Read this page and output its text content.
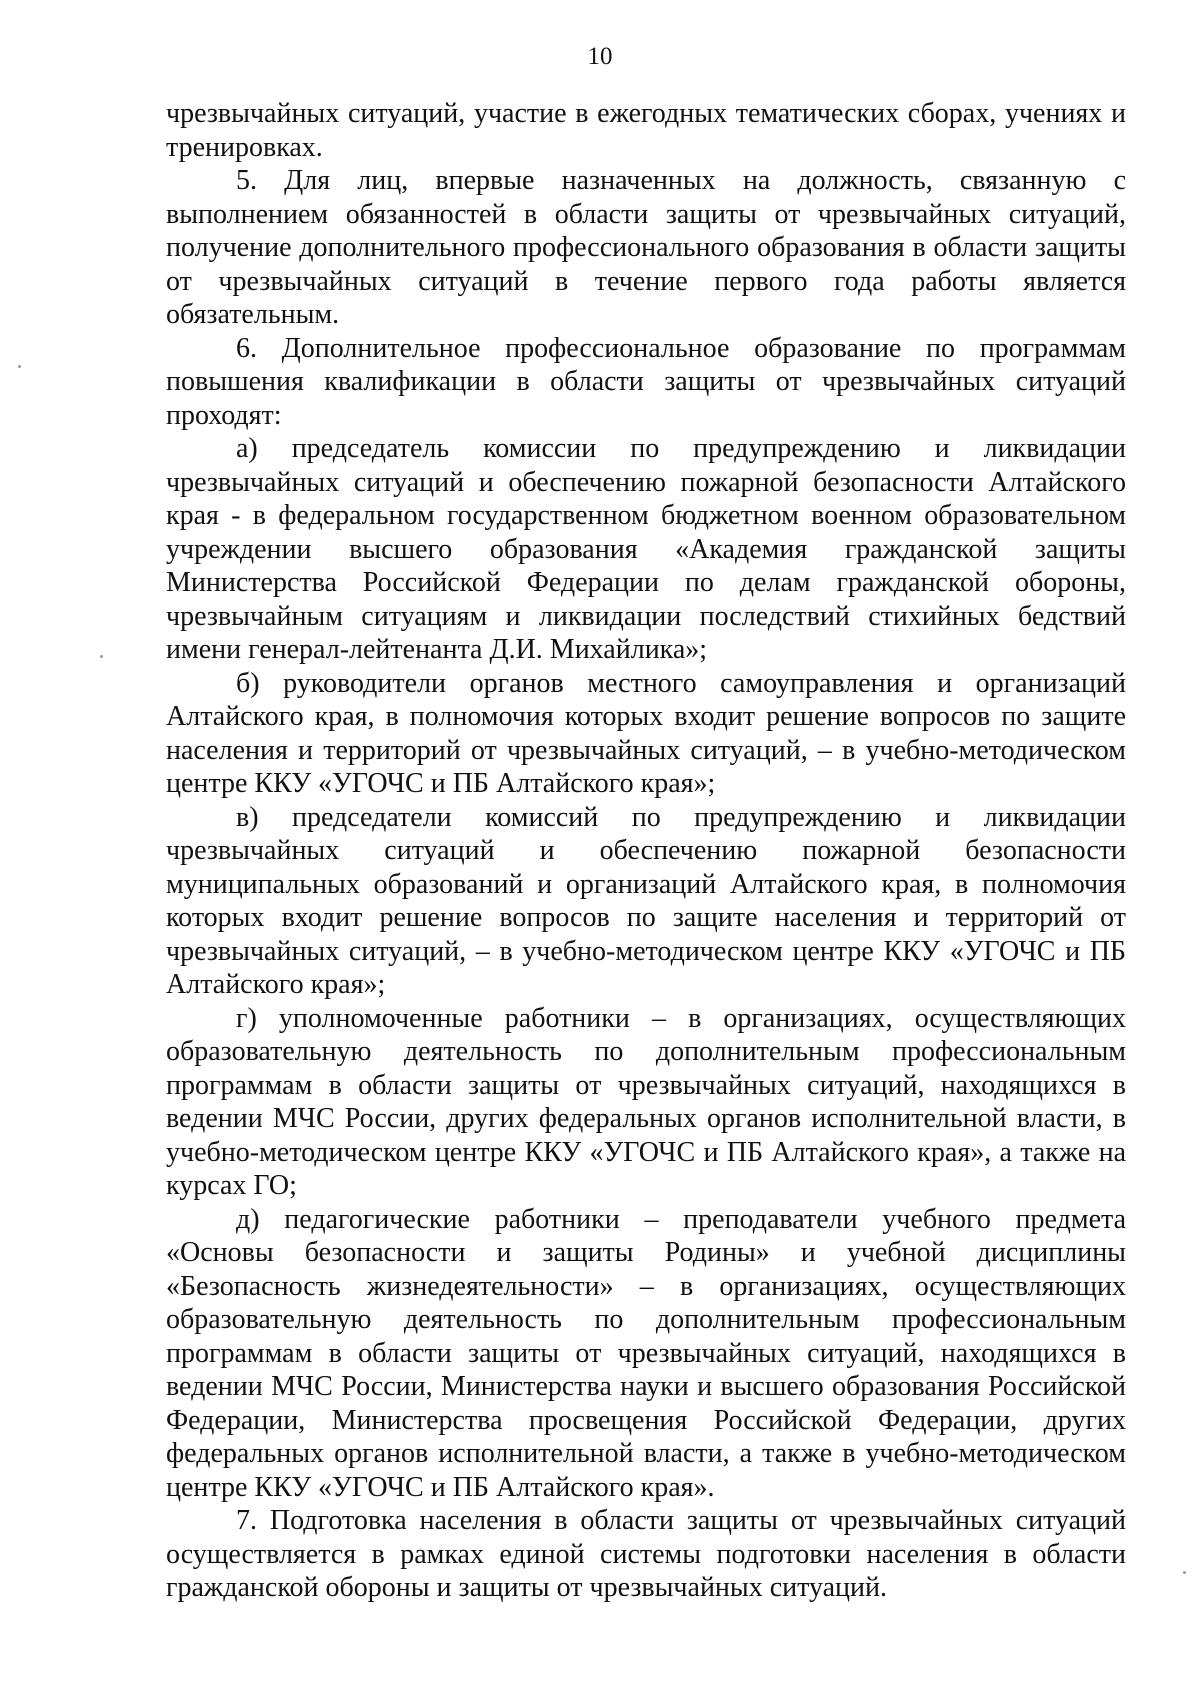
10

чрезвычайных ситуаций, участие в ежегодных тематических сборах, учениях и тренировках.

5. Для лиц, впервые назначенных на должность, связанную с выполнением обязанностей в области защиты от чрезвычайных ситуаций, получение дополнительного профессионального образования в области защиты от чрезвычайных ситуаций в течение первого года работы является обязательным.

6. Дополнительное профессиональное образование по программам повышения квалификации в области защиты от чрезвычайных ситуаций проходят:

а) председатель комиссии по предупреждению и ликвидации чрезвычайных ситуаций и обеспечению пожарной безопасности Алтайского края - в федеральном государственном бюджетном военном образовательном учреждении высшего образования «Академия гражданской защиты Министерства Российской Федерации по делам гражданской обороны, чрезвычайным ситуациям и ликвидации последствий стихийных бедствий имени генерал-лейтенанта Д.И. Михайлика»;

б) руководители органов местного самоуправления и организаций Алтайского края, в полномочия которых входит решение вопросов по защите населения и территорий от чрезвычайных ситуаций, – в учебно-методическом центре ККУ «УГОЧС и ПБ Алтайского края»;

в) председатели комиссий по предупреждению и ликвидации чрезвычайных ситуаций и обеспечению пожарной безопасности муниципальных образований и организаций Алтайского края, в полномочия которых входит решение вопросов по защите населения и территорий от чрезвычайных ситуаций, – в учебно-методическом центре ККУ «УГОЧС и ПБ Алтайского края»;

г) уполномоченные работники – в организациях, осуществляющих образовательную деятельность по дополнительным профессиональным программам в области защиты от чрезвычайных ситуаций, находящихся в ведении МЧС России, других федеральных органов исполнительной власти, в учебно-методическом центре ККУ «УГОЧС и ПБ Алтайского края», а также на курсах ГО;

д) педагогические работники – преподаватели учебного предмета «Основы безопасности и защиты Родины» и учебной дисциплины «Безопасность жизнедеятельности» – в организациях, осуществляющих образовательную деятельность по дополнительным профессиональным программам в области защиты от чрезвычайных ситуаций, находящихся в ведении МЧС России, Министерства науки и высшего образования Российской Федерации, Министерства просвещения Российской Федерации, других федеральных органов исполнительной власти, а также в учебно-методическом центре ККУ «УГОЧС и ПБ Алтайского края».

7. Подготовка населения в области защиты от чрезвычайных ситуаций осуществляется в рамках единой системы подготовки населения в области гражданской обороны и защиты от чрезвычайных ситуаций.
